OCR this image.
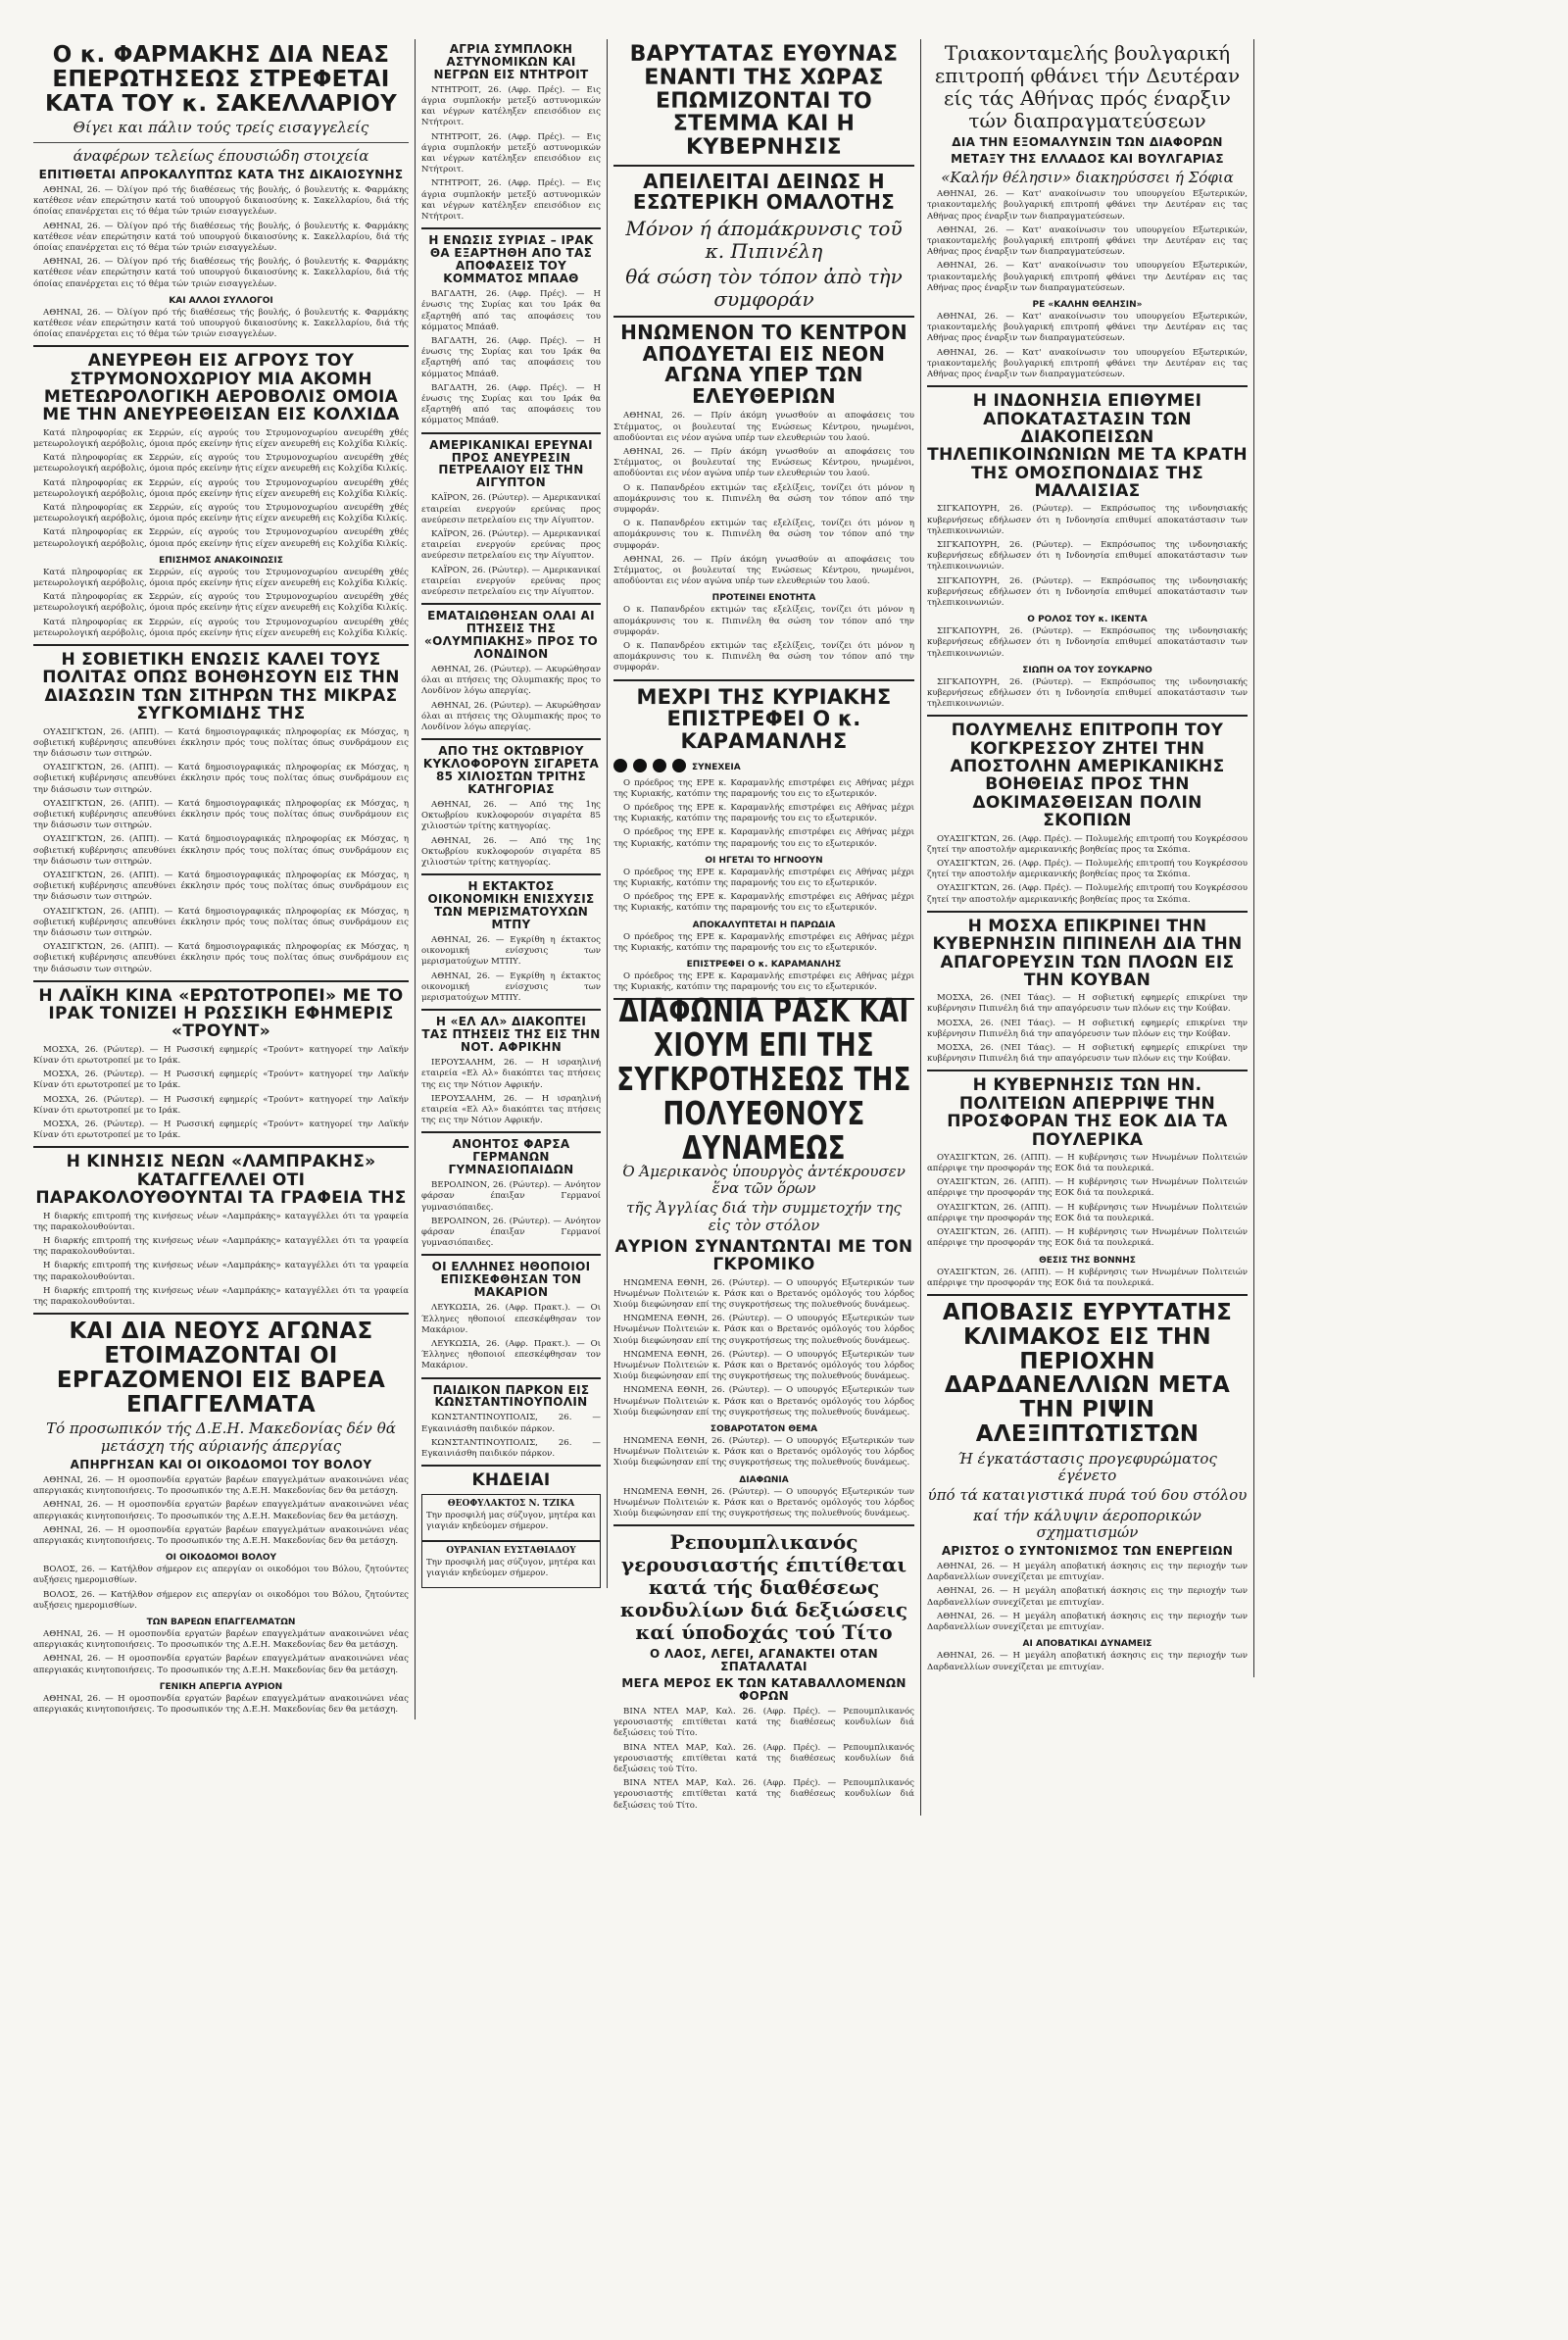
Ο κ. ΦΑΡΜΑΚΗΣ ΔΙΑ ΝΕΑΣ ΕΠΕΡΩΤΗΣΕΩΣ ΣΤΡΕΦΕΤΑΙ ΚΑΤΑ ΤΟΥ κ. ΣΑΚΕΛΛΑΡΙΟΥ
Θίγει και πάλιν τούς τρείς εισαγγελείς
άναφέρων τελείως έπουσιώδη στοιχεία
ΕΠΙΤΙΘΕΤΑΙ ΑΠΡΟΚΑΛΥΠΤΩΣ ΚΑΤΑ ΤΗΣ ΔΙΚΑΙΟΣΥΝΗΣ

ΑΘΗΝΑΙ, 26. — Όλίγον πρό τής διαθέσεως τής βουλής, ό βουλευτής κ. Φαρμάκης κατέθεσε νέαν επερώτησιν κατά τού υπουργού δικαιοσύνης κ. Σακελλαρίου, διά τής όποίας επανέρχεται εις τό θέμα τών τριών εισαγγελέων.

ΑΘΗΝΑΙ, 26. — Όλίγον πρό τής διαθέσεως τής βουλής, ό βουλευτής κ. Φαρμάκης κατέθεσε νέαν επερώτησιν κατά τού υπουργού δικαιοσύνης κ. Σακελλαρίου, διά τής όποίας επανέρχεται εις τό θέμα τών τριών εισαγγελέων.

ΑΘΗΝΑΙ, 26. — Όλίγον πρό τής διαθέσεως τής βουλής, ό βουλευτής κ. Φαρμάκης κατέθεσε νέαν επερώτησιν κατά τού υπουργού δικαιοσύνης κ. Σακελλαρίου, διά τής όποίας επανέρχεται εις τό θέμα τών τριών εισαγγελέων.

ΚΑΙ ΑΛΛΟΙ ΣΥΛΛΟΓΟΙ

ΑΘΗΝΑΙ, 26. — Όλίγον πρό τής διαθέσεως τής βουλής, ό βουλευτής κ. Φαρμάκης κατέθεσε νέαν επερώτησιν κατά τού υπουργού δικαιοσύνης κ. Σακελλαρίου, διά τής όποίας επανέρχεται εις τό θέμα τών τριών εισαγγελέων.

ΑΝΕΥΡΕΘΗ ΕΙΣ ΑΓΡΟΥΣ ΤΟΥ ΣΤΡΥΜΟΝΟΧΩΡΙΟΥ ΜΙΑ ΑΚΟΜΗ ΜΕΤΕΩΡΟΛΟΓΙΚΗ ΑΕΡΟΒΟΛΙΣ ΟΜΟΙΑ ΜΕ ΤΗΝ ΑΝΕΥΡΕΘΕΙΣΑΝ ΕΙΣ ΚΟΛΧΙΔΑ

Κατά πληροφορίας εκ Σερρών, είς αγρούς του Στρυμονοχωρίου ανευρέθη χθές μετεωρολογική αερόβολις, όμοια πρός εκείνην ήτις είχεν ανευρεθή εις Κολχίδα Κιλκίς.

Κατά πληροφορίας εκ Σερρών, είς αγρούς του Στρυμονοχωρίου ανευρέθη χθές μετεωρολογική αερόβολις, όμοια πρός εκείνην ήτις είχεν ανευρεθή εις Κολχίδα Κιλκίς.

Κατά πληροφορίας εκ Σερρών, είς αγρούς του Στρυμονοχωρίου ανευρέθη χθές μετεωρολογική αερόβολις, όμοια πρός εκείνην ήτις είχεν ανευρεθή εις Κολχίδα Κιλκίς.

Κατά πληροφορίας εκ Σερρών, είς αγρούς του Στρυμονοχωρίου ανευρέθη χθές μετεωρολογική αερόβολις, όμοια πρός εκείνην ήτις είχεν ανευρεθή εις Κολχίδα Κιλκίς.

Κατά πληροφορίας εκ Σερρών, είς αγρούς του Στρυμονοχωρίου ανευρέθη χθές μετεωρολογική αερόβολις, όμοια πρός εκείνην ήτις είχεν ανευρεθή εις Κολχίδα Κιλκίς.

ΕΠΙΣΗΜΟΣ ΑΝΑΚΟΙΝΩΣΙΣ

Κατά πληροφορίας εκ Σερρών, είς αγρούς του Στρυμονοχωρίου ανευρέθη χθές μετεωρολογική αερόβολις, όμοια πρός εκείνην ήτις είχεν ανευρεθή εις Κολχίδα Κιλκίς.

Κατά πληροφορίας εκ Σερρών, είς αγρούς του Στρυμονοχωρίου ανευρέθη χθές μετεωρολογική αερόβολις, όμοια πρός εκείνην ήτις είχεν ανευρεθή εις Κολχίδα Κιλκίς.

Κατά πληροφορίας εκ Σερρών, είς αγρούς του Στρυμονοχωρίου ανευρέθη χθές μετεωρολογική αερόβολις, όμοια πρός εκείνην ήτις είχεν ανευρεθή εις Κολχίδα Κιλκίς.

Η ΣΟΒΙΕΤΙΚΗ ΕΝΩΣΙΣ ΚΑΛΕΙ ΤΟΥΣ ΠΟΛΙΤΑΣ ΟΠΩΣ ΒΟΗΘΗΣΟΥΝ ΕΙΣ ΤΗΝ ΔΙΑΣΩΣΙΝ ΤΩΝ ΣΙΤΗΡΩΝ ΤΗΣ ΜΙΚΡΑΣ ΣΥΓΚΟΜΙΔΗΣ ΤΗΣ

ΟΥΑΣΙΓΚΤΩΝ, 26. (ΑΠΠ). — Κατά δημοσιογραφικάς πληροφορίας εκ Μόσχας, η σοβιετική κυβέρνησις απευθύνει έκκλησιν πρός τους πολίτας όπως συνδράμουν εις την διάσωσιν των σιτηρών.

ΟΥΑΣΙΓΚΤΩΝ, 26. (ΑΠΠ). — Κατά δημοσιογραφικάς πληροφορίας εκ Μόσχας, η σοβιετική κυβέρνησις απευθύνει έκκλησιν πρός τους πολίτας όπως συνδράμουν εις την διάσωσιν των σιτηρών.

ΟΥΑΣΙΓΚΤΩΝ, 26. (ΑΠΠ). — Κατά δημοσιογραφικάς πληροφορίας εκ Μόσχας, η σοβιετική κυβέρνησις απευθύνει έκκλησιν πρός τους πολίτας όπως συνδράμουν εις την διάσωσιν των σιτηρών.

ΟΥΑΣΙΓΚΤΩΝ, 26. (ΑΠΠ). — Κατά δημοσιογραφικάς πληροφορίας εκ Μόσχας, η σοβιετική κυβέρνησις απευθύνει έκκλησιν πρός τους πολίτας όπως συνδράμουν εις την διάσωσιν των σιτηρών.

ΟΥΑΣΙΓΚΤΩΝ, 26. (ΑΠΠ). — Κατά δημοσιογραφικάς πληροφορίας εκ Μόσχας, η σοβιετική κυβέρνησις απευθύνει έκκλησιν πρός τους πολίτας όπως συνδράμουν εις την διάσωσιν των σιτηρών.

ΟΥΑΣΙΓΚΤΩΝ, 26. (ΑΠΠ). — Κατά δημοσιογραφικάς πληροφορίας εκ Μόσχας, η σοβιετική κυβέρνησις απευθύνει έκκλησιν πρός τους πολίτας όπως συνδράμουν εις την διάσωσιν των σιτηρών.

ΟΥΑΣΙΓΚΤΩΝ, 26. (ΑΠΠ). — Κατά δημοσιογραφικάς πληροφορίας εκ Μόσχας, η σοβιετική κυβέρνησις απευθύνει έκκλησιν πρός τους πολίτας όπως συνδράμουν εις την διάσωσιν των σιτηρών.

Η ΛΑΪΚΗ ΚΙΝΑ «ΕΡΩΤΟΤΡΟΠΕΙ» ΜΕ ΤΟ ΙΡΑΚ ΤΟΝΙΖΕΙ Η ΡΩΣΣΙΚΗ ΕΦΗΜΕΡΙΣ «ΤΡΟΥΝΤ»

ΜΟΣΧΑ, 26. (Ρώυτερ). — Η Ρωσσική εφημερίς «Τρούντ» κατηγορεί την Λαϊκήν Κίναν ότι ερωτοτροπεί με το Ιράκ.

ΜΟΣΧΑ, 26. (Ρώυτερ). — Η Ρωσσική εφημερίς «Τρούντ» κατηγορεί την Λαϊκήν Κίναν ότι ερωτοτροπεί με το Ιράκ.

ΜΟΣΧΑ, 26. (Ρώυτερ). — Η Ρωσσική εφημερίς «Τρούντ» κατηγορεί την Λαϊκήν Κίναν ότι ερωτοτροπεί με το Ιράκ.

ΜΟΣΧΑ, 26. (Ρώυτερ). — Η Ρωσσική εφημερίς «Τρούντ» κατηγορεί την Λαϊκήν Κίναν ότι ερωτοτροπεί με το Ιράκ.

Η ΚΙΝΗΣΙΣ ΝΕΩΝ «ΛΑΜΠΡΑΚΗΣ» ΚΑΤΑΓΓΕΛΛΕΙ ΟΤΙ ΠΑΡΑΚΟΛΟΥΘΟΥΝΤΑΙ ΤΑ ΓΡΑΦΕΙΑ ΤΗΣ

Η διαρκής επιτροπή της κινήσεως νέων «Λαμπράκης» καταγγέλλει ότι τα γραφεία της παρακολουθούνται.

Η διαρκής επιτροπή της κινήσεως νέων «Λαμπράκης» καταγγέλλει ότι τα γραφεία της παρακολουθούνται.

Η διαρκής επιτροπή της κινήσεως νέων «Λαμπράκης» καταγγέλλει ότι τα γραφεία της παρακολουθούνται.

Η διαρκής επιτροπή της κινήσεως νέων «Λαμπράκης» καταγγέλλει ότι τα γραφεία της παρακολουθούνται.

ΚΑΙ ΔΙΑ ΝΕΟΥΣ ΑΓΩΝΑΣ ΕΤΟΙΜΑΖΟΝΤΑΙ ΟΙ ΕΡΓΑΖΟΜΕΝΟΙ ΕΙΣ ΒΑΡΕΑ ΕΠΑΓΓΕΛΜΑΤΑ
Τό προσωπικόν τής Δ.Ε.Η. Μακεδονίας δέν θά μετάσχη τής αύριανής άπεργίας
ΑΠΗΡΓΗΣΑΝ ΚΑΙ ΟΙ ΟΙΚΟΔΟΜΟΙ ΤΟΥ ΒΟΛΟΥ

ΑΘΗΝΑΙ, 26. — Η ομοσπονδία εργατών βαρέων επαγγελμάτων ανακοινώνει νέας απεργιακάς κινητοποιήσεις. Το προσωπικόν της Δ.Ε.Η. Μακεδονίας δεν θα μετάσχη.

ΑΘΗΝΑΙ, 26. — Η ομοσπονδία εργατών βαρέων επαγγελμάτων ανακοινώνει νέας απεργιακάς κινητοποιήσεις. Το προσωπικόν της Δ.Ε.Η. Μακεδονίας δεν θα μετάσχη.

ΑΘΗΝΑΙ, 26. — Η ομοσπονδία εργατών βαρέων επαγγελμάτων ανακοινώνει νέας απεργιακάς κινητοποιήσεις. Το προσωπικόν της Δ.Ε.Η. Μακεδονίας δεν θα μετάσχη.

ΟΙ ΟΙΚΟΔΟΜΟΙ ΒΟΛΟΥ

ΒΟΛΟΣ, 26. — Κατήλθον σήμερον εις απεργίαν οι οικοδόμοι του Βόλου, ζητούντες αυξήσεις ημερομισθίων.

ΒΟΛΟΣ, 26. — Κατήλθον σήμερον εις απεργίαν οι οικοδόμοι του Βόλου, ζητούντες αυξήσεις ημερομισθίων.

ΤΩΝ ΒΑΡΕΩΝ ΕΠΑΓΓΕΛΜΑΤΩΝ

ΑΘΗΝΑΙ, 26. — Η ομοσπονδία εργατών βαρέων επαγγελμάτων ανακοινώνει νέας απεργιακάς κινητοποιήσεις. Το προσωπικόν της Δ.Ε.Η. Μακεδονίας δεν θα μετάσχη.

ΑΘΗΝΑΙ, 26. — Η ομοσπονδία εργατών βαρέων επαγγελμάτων ανακοινώνει νέας απεργιακάς κινητοποιήσεις. Το προσωπικόν της Δ.Ε.Η. Μακεδονίας δεν θα μετάσχη.

ΓΕΝΙΚΗ ΑΠΕΡΓΙΑ ΑΥΡΙΟΝ

ΑΘΗΝΑΙ, 26. — Η ομοσπονδία εργατών βαρέων επαγγελμάτων ανακοινώνει νέας απεργιακάς κινητοποιήσεις. Το προσωπικόν της Δ.Ε.Η. Μακεδονίας δεν θα μετάσχη.

ΑΓΡΙΑ ΣΥΜΠΛΟΚΗ ΑΣΤΥΝΟΜΙΚΩΝ ΚΑΙ ΝΕΓΡΩΝ ΕΙΣ ΝΤΗΤΡΟΙΤ

ΝΤΗΤΡΟΙΤ, 26. (Αφρ. Πρές). — Εις άγρια συμπλοκήν μετεξύ αστυνομικών και νέγρων κατέληξεν επεισόδιον εις Ντήτροιτ.

ΝΤΗΤΡΟΙΤ, 26. (Αφρ. Πρές). — Εις άγρια συμπλοκήν μετεξύ αστυνομικών και νέγρων κατέληξεν επεισόδιον εις Ντήτροιτ.

ΝΤΗΤΡΟΙΤ, 26. (Αφρ. Πρές). — Εις άγρια συμπλοκήν μετεξύ αστυνομικών και νέγρων κατέληξεν επεισόδιον εις Ντήτροιτ.

Η ΕΝΩΣΙΣ ΣΥΡΙΑΣ – ΙΡΑΚ ΘΑ ΕΞΑΡΤΗΘΗ ΑΠΟ ΤΑΣ ΑΠΟΦΑΣΕΙΣ ΤΟΥ ΚΟΜΜΑΤΟΣ ΜΠΑΑΘ

ΒΑΓΔΑΤΗ, 26. (Αφρ. Πρές). — Η ένωσις της Συρίας και του Ιράκ θα εξαρτηθή από τας αποφάσεις του κόμματος Μπάαθ.

ΒΑΓΔΑΤΗ, 26. (Αφρ. Πρές). — Η ένωσις της Συρίας και του Ιράκ θα εξαρτηθή από τας αποφάσεις του κόμματος Μπάαθ.

ΒΑΓΔΑΤΗ, 26. (Αφρ. Πρές). — Η ένωσις της Συρίας και του Ιράκ θα εξαρτηθή από τας αποφάσεις του κόμματος Μπάαθ.

ΑΜΕΡΙΚΑΝΙΚΑΙ ΕΡΕΥΝΑΙ ΠΡΟΣ ΑΝΕΥΡΕΣΙΝ ΠΕΤΡΕΛΑΙΟΥ ΕΙΣ ΤΗΝ ΑΙΓΥΠΤΟΝ

ΚΑΪΡΟΝ, 26. (Ρώυτερ). — Αμερικανικαί εταιρείαι ενεργούν ερεύνας προς ανεύρεσιν πετρελαίου εις την Αίγυπτον.

ΚΑΪΡΟΝ, 26. (Ρώυτερ). — Αμερικανικαί εταιρείαι ενεργούν ερεύνας προς ανεύρεσιν πετρελαίου εις την Αίγυπτον.

ΚΑΪΡΟΝ, 26. (Ρώυτερ). — Αμερικανικαί εταιρείαι ενεργούν ερεύνας προς ανεύρεσιν πετρελαίου εις την Αίγυπτον.

ΕΜΑΤΑΙΩΘΗΣΑΝ ΟΛΑΙ ΑΙ ΠΤΗΣΕΙΣ ΤΗΣ «ΟΛΥΜΠΙΑΚΗΣ» ΠΡΟΣ ΤΟ ΛΟΝΔΙΝΟΝ

ΑΘΗΝΑΙ, 26. (Ρώυτερ). — Ακυρώθησαν όλαι αι πτήσεις της Ολυμπιακής προς το Λονδίνον λόγω απεργίας.

ΑΘΗΝΑΙ, 26. (Ρώυτερ). — Ακυρώθησαν όλαι αι πτήσεις της Ολυμπιακής προς το Λονδίνον λόγω απεργίας.

ΑΠΟ ΤΗΣ ΟΚΤΩΒΡΙΟΥ ΚΥΚΛΟΦΟΡΟΥΝ ΣΙΓΑΡΕΤΑ 85 ΧΙΛΙΟΣΤΩΝ ΤΡΙΤΗΣ ΚΑΤΗΓΟΡΙΑΣ

ΑΘΗΝΑΙ, 26. — Από της 1ης Οκτωβρίου κυκλοφορούν σιγαρέτα 85 χιλιοστών τρίτης κατηγορίας.

ΑΘΗΝΑΙ, 26. — Από της 1ης Οκτωβρίου κυκλοφορούν σιγαρέτα 85 χιλιοστών τρίτης κατηγορίας.

Η ΕΚΤΑΚΤΟΣ ΟΙΚΟΝΟΜΙΚΗ ΕΝΙΣΧΥΣΙΣ ΤΩΝ ΜΕΡΙΣΜΑΤΟΥΧΩΝ ΜΤΠΥ

ΑΘΗΝΑΙ, 26. — Εγκρίθη η έκτακτος οικονομική ενίσχυσις των μερισματούχων ΜΤΠΥ.

ΑΘΗΝΑΙ, 26. — Εγκρίθη η έκτακτος οικονομική ενίσχυσις των μερισματούχων ΜΤΠΥ.

Η «ΕΛ ΑΛ» ΔΙΑΚΟΠΤΕΙ ΤΑΣ ΠΤΗΣΕΙΣ ΤΗΣ ΕΙΣ ΤΗΝ ΝΟΤ. ΑΦΡΙΚΗΝ

ΙΕΡΟΥΣΑΛΗΜ, 26. — Η ισραηλινή εταιρεία «Ελ Αλ» διακόπτει τας πτήσεις της εις την Νότιον Αφρικήν.

ΙΕΡΟΥΣΑΛΗΜ, 26. — Η ισραηλινή εταιρεία «Ελ Αλ» διακόπτει τας πτήσεις της εις την Νότιον Αφρικήν.

ΑΝΟΗΤΟΣ ΦΑΡΣΑ ΓΕΡΜΑΝΩΝ ΓΥΜΝΑΣΙΟΠΑΙΔΩΝ

ΒΕΡΟΛΙΝΟΝ, 26. (Ρώυτερ). — Ανόητον φάρσαν έπαιξαν Γερμανοί γυμνασιόπαιδες.

ΒΕΡΟΛΙΝΟΝ, 26. (Ρώυτερ). — Ανόητον φάρσαν έπαιξαν Γερμανοί γυμνασιόπαιδες.

ΟΙ ΕΛΛΗΝΕΣ ΗΘΟΠΟΙΟΙ ΕΠΙΣΚΕΦΘΗΣΑΝ ΤΟΝ ΜΑΚΑΡΙΟΝ

ΛΕΥΚΩΣΙΑ, 26. (Αφρ. Πρακτ.). — Οι Έλληνες ηθοποιοί επεσκέφθησαν τον Μακάριον.

ΛΕΥΚΩΣΙΑ, 26. (Αφρ. Πρακτ.). — Οι Έλληνες ηθοποιοί επεσκέφθησαν τον Μακάριον.

ΠΑΙΔΙΚΟΝ ΠΑΡΚΟΝ ΕΙΣ ΚΩΝΣΤΑΝΤΙΝΟΥΠΟΛΙΝ

ΚΩΝΣΤΑΝΤΙΝΟΥΠΟΛΙΣ, 26. — Εγκαινιάσθη παιδικόν πάρκον.

ΚΩΝΣΤΑΝΤΙΝΟΥΠΟΛΙΣ, 26. — Εγκαινιάσθη παιδικόν πάρκον.

ΚΗΔΕΙΑΙ
ΘΕΟΦΥΛΑΚΤΟΣ Ν. ΤΖΙΚΑ
Την προσφιλή μας σύζυγον, μητέρα και γιαγιάν κηδεύομεν σήμερον.
ΟΥΡΑΝΙΑΝ ΕΥΣΤΑΘΙΑΔΟΥ
Την προσφιλή μας σύζυγον, μητέρα και γιαγιάν κηδεύομεν σήμερον.
ΒΑΡΥΤΑΤΑΣ ΕΥΘΥΝΑΣ ΕΝΑΝΤΙ ΤΗΣ ΧΩΡΑΣ ΕΠΩΜΙΖΟΝΤΑΙ ΤΟ ΣΤΕΜΜΑ ΚΑΙ Η ΚΥΒΕΡΝΗΣΙΣ
ΑΠΕΙΛΕΙΤΑΙ ΔΕΙΝΩΣ Η ΕΣΩΤΕΡΙΚΗ ΟΜΑΛΟΤΗΣ
Μόνον ή άπομάκρυνσις τοῦ κ. Πιπινέλη
θά σώση τὸν τόπον ἀπὸ τὴν συμφοράν
ΗΝΩΜΕΝΟΝ ΤΟ ΚΕΝΤΡΟΝ ΑΠΟΔΥΕΤΑΙ ΕΙΣ ΝΕΟΝ ΑΓΩΝΑ ΥΠΕΡ ΤΩΝ ΕΛΕΥΘΕΡΙΩΝ

ΑΘΗΝΑΙ, 26. — Πρίν άκόμη γνωσθούν αι αποφάσεις του Στέμματος, οι βουλευταί της Ενώσεως Κέντρου, ηνωμένοι, αποδύονται εις νέον αγώνα υπέρ των ελευθεριών του λαού.

ΑΘΗΝΑΙ, 26. — Πρίν άκόμη γνωσθούν αι αποφάσεις του Στέμματος, οι βουλευταί της Ενώσεως Κέντρου, ηνωμένοι, αποδύονται εις νέον αγώνα υπέρ των ελευθεριών του λαού.

Ο κ. Παπανδρέου εκτιμών τας εξελίξεις, τονίζει ότι μόνον η απομάκρυνσις του κ. Πιπινέλη θα σώση τον τόπον από την συμφοράν.

Ο κ. Παπανδρέου εκτιμών τας εξελίξεις, τονίζει ότι μόνον η απομάκρυνσις του κ. Πιπινέλη θα σώση τον τόπον από την συμφοράν.

ΑΘΗΝΑΙ, 26. — Πρίν άκόμη γνωσθούν αι αποφάσεις του Στέμματος, οι βουλευταί της Ενώσεως Κέντρου, ηνωμένοι, αποδύονται εις νέον αγώνα υπέρ των ελευθεριών του λαού.

ΠΡΟΤΕΙΝΕΙ ΕΝΟΤΗΤΑ

Ο κ. Παπανδρέου εκτιμών τας εξελίξεις, τονίζει ότι μόνον η απομάκρυνσις του κ. Πιπινέλη θα σώση τον τόπον από την συμφοράν.

Ο κ. Παπανδρέου εκτιμών τας εξελίξεις, τονίζει ότι μόνον η απομάκρυνσις του κ. Πιπινέλη θα σώση τον τόπον από την συμφοράν.

ΜΕΧΡΙ ΤΗΣ ΚΥΡΙΑΚΗΣ ΕΠΙΣΤΡΕΦΕΙ Ο κ. ΚΑΡΑΜΑΝΛΗΣ
ΣΥΝΕΧΕΙΑ

Ο πρόεδρος της ΕΡΕ κ. Καραμανλής επιστρέφει εις Αθήνας μέχρι της Κυριακής, κατόπιν της παραμονής του εις το εξωτερικόν.

Ο πρόεδρος της ΕΡΕ κ. Καραμανλής επιστρέφει εις Αθήνας μέχρι της Κυριακής, κατόπιν της παραμονής του εις το εξωτερικόν.

Ο πρόεδρος της ΕΡΕ κ. Καραμανλής επιστρέφει εις Αθήνας μέχρι της Κυριακής, κατόπιν της παραμονής του εις το εξωτερικόν.

ΟΙ ΗΓΕΤΑΙ ΤΟ ΗΓΝΟΟΥΝ

Ο πρόεδρος της ΕΡΕ κ. Καραμανλής επιστρέφει εις Αθήνας μέχρι της Κυριακής, κατόπιν της παραμονής του εις το εξωτερικόν.

Ο πρόεδρος της ΕΡΕ κ. Καραμανλής επιστρέφει εις Αθήνας μέχρι της Κυριακής, κατόπιν της παραμονής του εις το εξωτερικόν.

ΑΠΟΚΑΛΥΠΤΕΤΑΙ Η ΠΑΡΩΔΙΑ

Ο πρόεδρος της ΕΡΕ κ. Καραμανλής επιστρέφει εις Αθήνας μέχρι της Κυριακής, κατόπιν της παραμονής του εις το εξωτερικόν.

ΕΠΙΣΤΡΕΦΕΙ Ο κ. ΚΑΡΑΜΑΝΛΗΣ

Ο πρόεδρος της ΕΡΕ κ. Καραμανλής επιστρέφει εις Αθήνας μέχρι της Κυριακής, κατόπιν της παραμονής του εις το εξωτερικόν.

ΔΙΑΦΩΝΙΑ ΡΑΣΚ ΚΑΙ ΧΙΟΥΜ ΕΠΙ ΤΗΣ ΣΥΓΚΡΟΤΗΣΕΩΣ ΤΗΣ ΠΟΛΥΕΘΝΟΥΣ ΔΥΝΑΜΕΩΣ
Ό Άμερικανὸς ὑπουργὸς ἀντέκρουσεν ἕνα τῶν ὅρων
τῆς Ἀγγλίας διά τὴν συμμετοχήν της εἰς τὸν στόλον
ΑΥΡΙΟΝ ΣΥΝΑΝΤΩΝΤΑΙ ΜΕ ΤΟΝ ΓΚΡΟΜΙΚΟ

ΗΝΩΜΕΝΑ ΕΘΝΗ, 26. (Ρώυτερ). — Ο υπουργός Εξωτερικών των Ηνωμένων Πολιτειών κ. Ράσκ και ο Βρετανός ομόλογός του λόρδος Χιούμ διεφώνησαν επί της συγκροτήσεως της πολυεθνούς δυνάμεως.

ΗΝΩΜΕΝΑ ΕΘΝΗ, 26. (Ρώυτερ). — Ο υπουργός Εξωτερικών των Ηνωμένων Πολιτειών κ. Ράσκ και ο Βρετανός ομόλογός του λόρδος Χιούμ διεφώνησαν επί της συγκροτήσεως της πολυεθνούς δυνάμεως.

ΗΝΩΜΕΝΑ ΕΘΝΗ, 26. (Ρώυτερ). — Ο υπουργός Εξωτερικών των Ηνωμένων Πολιτειών κ. Ράσκ και ο Βρετανός ομόλογός του λόρδος Χιούμ διεφώνησαν επί της συγκροτήσεως της πολυεθνούς δυνάμεως.

ΗΝΩΜΕΝΑ ΕΘΝΗ, 26. (Ρώυτερ). — Ο υπουργός Εξωτερικών των Ηνωμένων Πολιτειών κ. Ράσκ και ο Βρετανός ομόλογός του λόρδος Χιούμ διεφώνησαν επί της συγκροτήσεως της πολυεθνούς δυνάμεως.

ΣΟΒΑΡΟΤΑΤΟΝ ΘΕΜΑ

ΗΝΩΜΕΝΑ ΕΘΝΗ, 26. (Ρώυτερ). — Ο υπουργός Εξωτερικών των Ηνωμένων Πολιτειών κ. Ράσκ και ο Βρετανός ομόλογός του λόρδος Χιούμ διεφώνησαν επί της συγκροτήσεως της πολυεθνούς δυνάμεως.

ΔΙΑΦΩΝΙΑ

ΗΝΩΜΕΝΑ ΕΘΝΗ, 26. (Ρώυτερ). — Ο υπουργός Εξωτερικών των Ηνωμένων Πολιτειών κ. Ράσκ και ο Βρετανός ομόλογός του λόρδος Χιούμ διεφώνησαν επί της συγκροτήσεως της πολυεθνούς δυνάμεως.

Ρεπουμπλικανός γερουσιαστής έπιτίθεται κατά τής διαθέσεως κονδυλίων διά δεξιώσεις καί ύποδοχάς τού Τίτο
Ο ΛΑΟΣ, ΛΕΓΕΙ, ΑΓΑΝΑΚΤΕΙ ΟΤΑΝ ΣΠΑΤΑΛΑΤΑΙ
ΜΕΓΑ ΜΕΡΟΣ ΕΚ ΤΩΝ ΚΑΤΑΒΑΛΛΟΜΕΝΩΝ ΦΟΡΩΝ

ΒΙΝΑ ΝΤΕΛ ΜΑΡ, Καλ. 26. (Αφρ. Πρές). — Ρεπουμπλικανός γερουσιαστής επιτίθεται κατά της διαθέσεως κονδυλίων διά δεξιώσεις τού Τίτο.

ΒΙΝΑ ΝΤΕΛ ΜΑΡ, Καλ. 26. (Αφρ. Πρές). — Ρεπουμπλικανός γερουσιαστής επιτίθεται κατά της διαθέσεως κονδυλίων διά δεξιώσεις τού Τίτο.

ΒΙΝΑ ΝΤΕΛ ΜΑΡ, Καλ. 26. (Αφρ. Πρές). — Ρεπουμπλικανός γερουσιαστής επιτίθεται κατά της διαθέσεως κονδυλίων διά δεξιώσεις τού Τίτο.

Τριακονταμελής βουλγαρική επιτροπή φθάνει τήν Δευτέραν είς τάς Αθήνας πρός έναρξιν τών διαπραγματεύσεων
ΔΙΑ ΤΗΝ ΕΞΟΜΑΛΥΝΣΙΝ ΤΩΝ ΔΙΑΦΟΡΩΝ
ΜΕΤΑΞΥ ΤΗΣ ΕΛΛΑΔΟΣ ΚΑΙ ΒΟΥΛΓΑΡΙΑΣ
«Καλήν θέλησιν» διακηρύσσει ή Σόφια

ΑΘΗΝΑΙ, 26. — Κατ' ανακοίνωσιν του υπουργείου Εξωτερικών, τριακονταμελής βουλγαρική επιτροπή φθάνει την Δευτέραν εις τας Αθήνας προς έναρξιν των διαπραγματεύσεων.

ΑΘΗΝΑΙ, 26. — Κατ' ανακοίνωσιν του υπουργείου Εξωτερικών, τριακονταμελής βουλγαρική επιτροπή φθάνει την Δευτέραν εις τας Αθήνας προς έναρξιν των διαπραγματεύσεων.

ΑΘΗΝΑΙ, 26. — Κατ' ανακοίνωσιν του υπουργείου Εξωτερικών, τριακονταμελής βουλγαρική επιτροπή φθάνει την Δευτέραν εις τας Αθήνας προς έναρξιν των διαπραγματεύσεων.

ΡΕ «ΚΑΛΗΝ ΘΕΛΗΣΙΝ»

ΑΘΗΝΑΙ, 26. — Κατ' ανακοίνωσιν του υπουργείου Εξωτερικών, τριακονταμελής βουλγαρική επιτροπή φθάνει την Δευτέραν εις τας Αθήνας προς έναρξιν των διαπραγματεύσεων.

ΑΘΗΝΑΙ, 26. — Κατ' ανακοίνωσιν του υπουργείου Εξωτερικών, τριακονταμελής βουλγαρική επιτροπή φθάνει την Δευτέραν εις τας Αθήνας προς έναρξιν των διαπραγματεύσεων.

Η ΙΝΔΟΝΗΣΙΑ ΕΠΙΘΥΜΕΙ ΑΠΟΚΑΤΑΣΤΑΣΙΝ ΤΩΝ ΔΙΑΚΟΠΕΙΣΩΝ ΤΗΛΕΠΙΚΟΙΝΩΝΙΩΝ ΜΕ ΤΑ ΚΡΑΤΗ ΤΗΣ ΟΜΟΣΠΟΝΔΙΑΣ ΤΗΣ ΜΑΛΑΙΣΙΑΣ

ΣΙΓΚΑΠΟΥΡΗ, 26. (Ρώυτερ). — Εκπρόσωπος της ινδονησιακής κυβερνήσεως εδήλωσεν ότι η Ινδονησία επιθυμεί αποκατάστασιν των τηλεπικοινωνιών.

ΣΙΓΚΑΠΟΥΡΗ, 26. (Ρώυτερ). — Εκπρόσωπος της ινδονησιακής κυβερνήσεως εδήλωσεν ότι η Ινδονησία επιθυμεί αποκατάστασιν των τηλεπικοινωνιών.

ΣΙΓΚΑΠΟΥΡΗ, 26. (Ρώυτερ). — Εκπρόσωπος της ινδονησιακής κυβερνήσεως εδήλωσεν ότι η Ινδονησία επιθυμεί αποκατάστασιν των τηλεπικοινωνιών.

Ο ΡΟΛΟΣ ΤΟΥ κ. ΙΚΕΝΤΑ

ΣΙΓΚΑΠΟΥΡΗ, 26. (Ρώυτερ). — Εκπρόσωπος της ινδονησιακής κυβερνήσεως εδήλωσεν ότι η Ινδονησία επιθυμεί αποκατάστασιν των τηλεπικοινωνιών.

ΣΙΩΠΗ ΟΑ ΤΟΥ ΣΟΥΚΑΡΝΟ

ΣΙΓΚΑΠΟΥΡΗ, 26. (Ρώυτερ). — Εκπρόσωπος της ινδονησιακής κυβερνήσεως εδήλωσεν ότι η Ινδονησία επιθυμεί αποκατάστασιν των τηλεπικοινωνιών.

ΠΟΛΥΜΕΛΗΣ ΕΠΙΤΡΟΠΗ ΤΟΥ ΚΟΓΚΡΕΣΣΟΥ ΖΗΤΕΙ ΤΗΝ ΑΠΟΣΤΟΛΗΝ ΑΜΕΡΙΚΑΝΙΚΗΣ ΒΟΗΘΕΙΑΣ ΠΡΟΣ ΤΗΝ ΔΟΚΙΜΑΣΘΕΙΣΑΝ ΠΟΛΙΝ ΣΚΟΠΙΩΝ

ΟΥΑΣΙΓΚΤΩΝ, 26. (Αφρ. Πρές). — Πολυμελής επιτροπή του Κογκρέσσου ζητεί την αποστολήν αμερικανικής βοηθείας προς τα Σκόπια.

ΟΥΑΣΙΓΚΤΩΝ, 26. (Αφρ. Πρές). — Πολυμελής επιτροπή του Κογκρέσσου ζητεί την αποστολήν αμερικανικής βοηθείας προς τα Σκόπια.

ΟΥΑΣΙΓΚΤΩΝ, 26. (Αφρ. Πρές). — Πολυμελής επιτροπή του Κογκρέσσου ζητεί την αποστολήν αμερικανικής βοηθείας προς τα Σκόπια.

Η ΜΟΣΧΑ ΕΠΙΚΡΙΝΕΙ ΤΗΝ ΚΥΒΕΡΝΗΣΙΝ ΠΙΠΙΝΕΛΗ ΔΙΑ ΤΗΝ ΑΠΑΓΟΡΕΥΣΙΝ ΤΩΝ ΠΛΟΩΝ ΕΙΣ ΤΗΝ ΚΟΥΒΑΝ

ΜΟΣΧΑ, 26. (ΝΕΙ Τάας). — Η σοβιετική εφημερίς επικρίνει την κυβέρνησιν Πιπινέλη διά την απαγόρευσιν των πλόων εις την Κούβαν.

ΜΟΣΧΑ, 26. (ΝΕΙ Τάας). — Η σοβιετική εφημερίς επικρίνει την κυβέρνησιν Πιπινέλη διά την απαγόρευσιν των πλόων εις την Κούβαν.

ΜΟΣΧΑ, 26. (ΝΕΙ Τάας). — Η σοβιετική εφημερίς επικρίνει την κυβέρνησιν Πιπινέλη διά την απαγόρευσιν των πλόων εις την Κούβαν.

Η ΚΥΒΕΡΝΗΣΙΣ ΤΩΝ ΗΝ. ΠΟΛΙΤΕΙΩΝ ΑΠΕΡΡΙΨΕ ΤΗΝ ΠΡΟΣΦΟΡΑΝ ΤΗΣ ΕΟΚ ΔΙΑ ΤΑ ΠΟΥΛΕΡΙΚΑ

ΟΥΑΣΙΓΚΤΩΝ, 26. (ΑΠΠ). — Η κυβέρνησις των Ηνωμένων Πολιτειών απέρριψε την προσφοράν της ΕΟΚ διά τα πουλερικά.

ΟΥΑΣΙΓΚΤΩΝ, 26. (ΑΠΠ). — Η κυβέρνησις των Ηνωμένων Πολιτειών απέρριψε την προσφοράν της ΕΟΚ διά τα πουλερικά.

ΟΥΑΣΙΓΚΤΩΝ, 26. (ΑΠΠ). — Η κυβέρνησις των Ηνωμένων Πολιτειών απέρριψε την προσφοράν της ΕΟΚ διά τα πουλερικά.

ΟΥΑΣΙΓΚΤΩΝ, 26. (ΑΠΠ). — Η κυβέρνησις των Ηνωμένων Πολιτειών απέρριψε την προσφοράν της ΕΟΚ διά τα πουλερικά.

ΘΕΣΙΣ ΤΗΣ ΒΟΝΝΗΣ

ΟΥΑΣΙΓΚΤΩΝ, 26. (ΑΠΠ). — Η κυβέρνησις των Ηνωμένων Πολιτειών απέρριψε την προσφοράν της ΕΟΚ διά τα πουλερικά.

ΑΠΟΒΑΣΙΣ ΕΥΡΥΤΑΤΗΣ ΚΛΙΜΑΚΟΣ ΕΙΣ ΤΗΝ ΠΕΡΙΟΧΗΝ ΔΑΡΔΑΝΕΛΛΙΩΝ ΜΕΤΑ ΤΗΝ ΡΙΨΙΝ ΑΛΕΞΙΠΤΩΤΙΣΤΩΝ
Ή έγκατάστασις προγεφυρώματος έγένετο
ύπό τά καταιγιστικά πυρά τού 6ου στόλου
καί τήν κάλυψιν άεροπορικών σχηματισμών
ΑΡΙΣΤΟΣ Ο ΣΥΝΤΟΝΙΣΜΟΣ ΤΩΝ ΕΝΕΡΓΕΙΩΝ

ΑΘΗΝΑΙ, 26. — Η μεγάλη αποβατική άσκησις εις την περιοχήν των Δαρδανελλίων συνεχίζεται με επιτυχίαν.

ΑΘΗΝΑΙ, 26. — Η μεγάλη αποβατική άσκησις εις την περιοχήν των Δαρδανελλίων συνεχίζεται με επιτυχίαν.

ΑΘΗΝΑΙ, 26. — Η μεγάλη αποβατική άσκησις εις την περιοχήν των Δαρδανελλίων συνεχίζεται με επιτυχίαν.

ΑΙ ΑΠΟΒΑΤΙΚΑΙ ΔΥΝΑΜΕΙΣ

ΑΘΗΝΑΙ, 26. — Η μεγάλη αποβατική άσκησις εις την περιοχήν των Δαρδανελλίων συνεχίζεται με επιτυχίαν.
